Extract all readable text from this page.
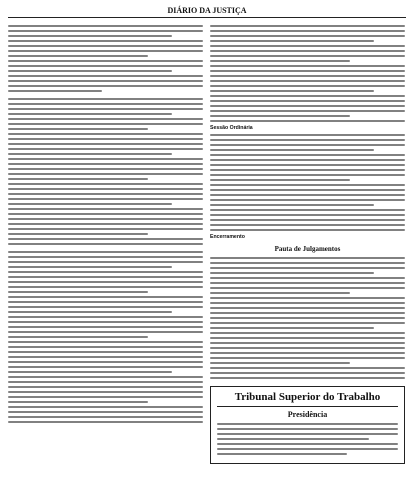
DIÁRIO DA JUSTIÇA
Sessão Ordinária
Encerramento
Pauta de Julgamentos
Tribunal Superior do Trabalho
Presidência
